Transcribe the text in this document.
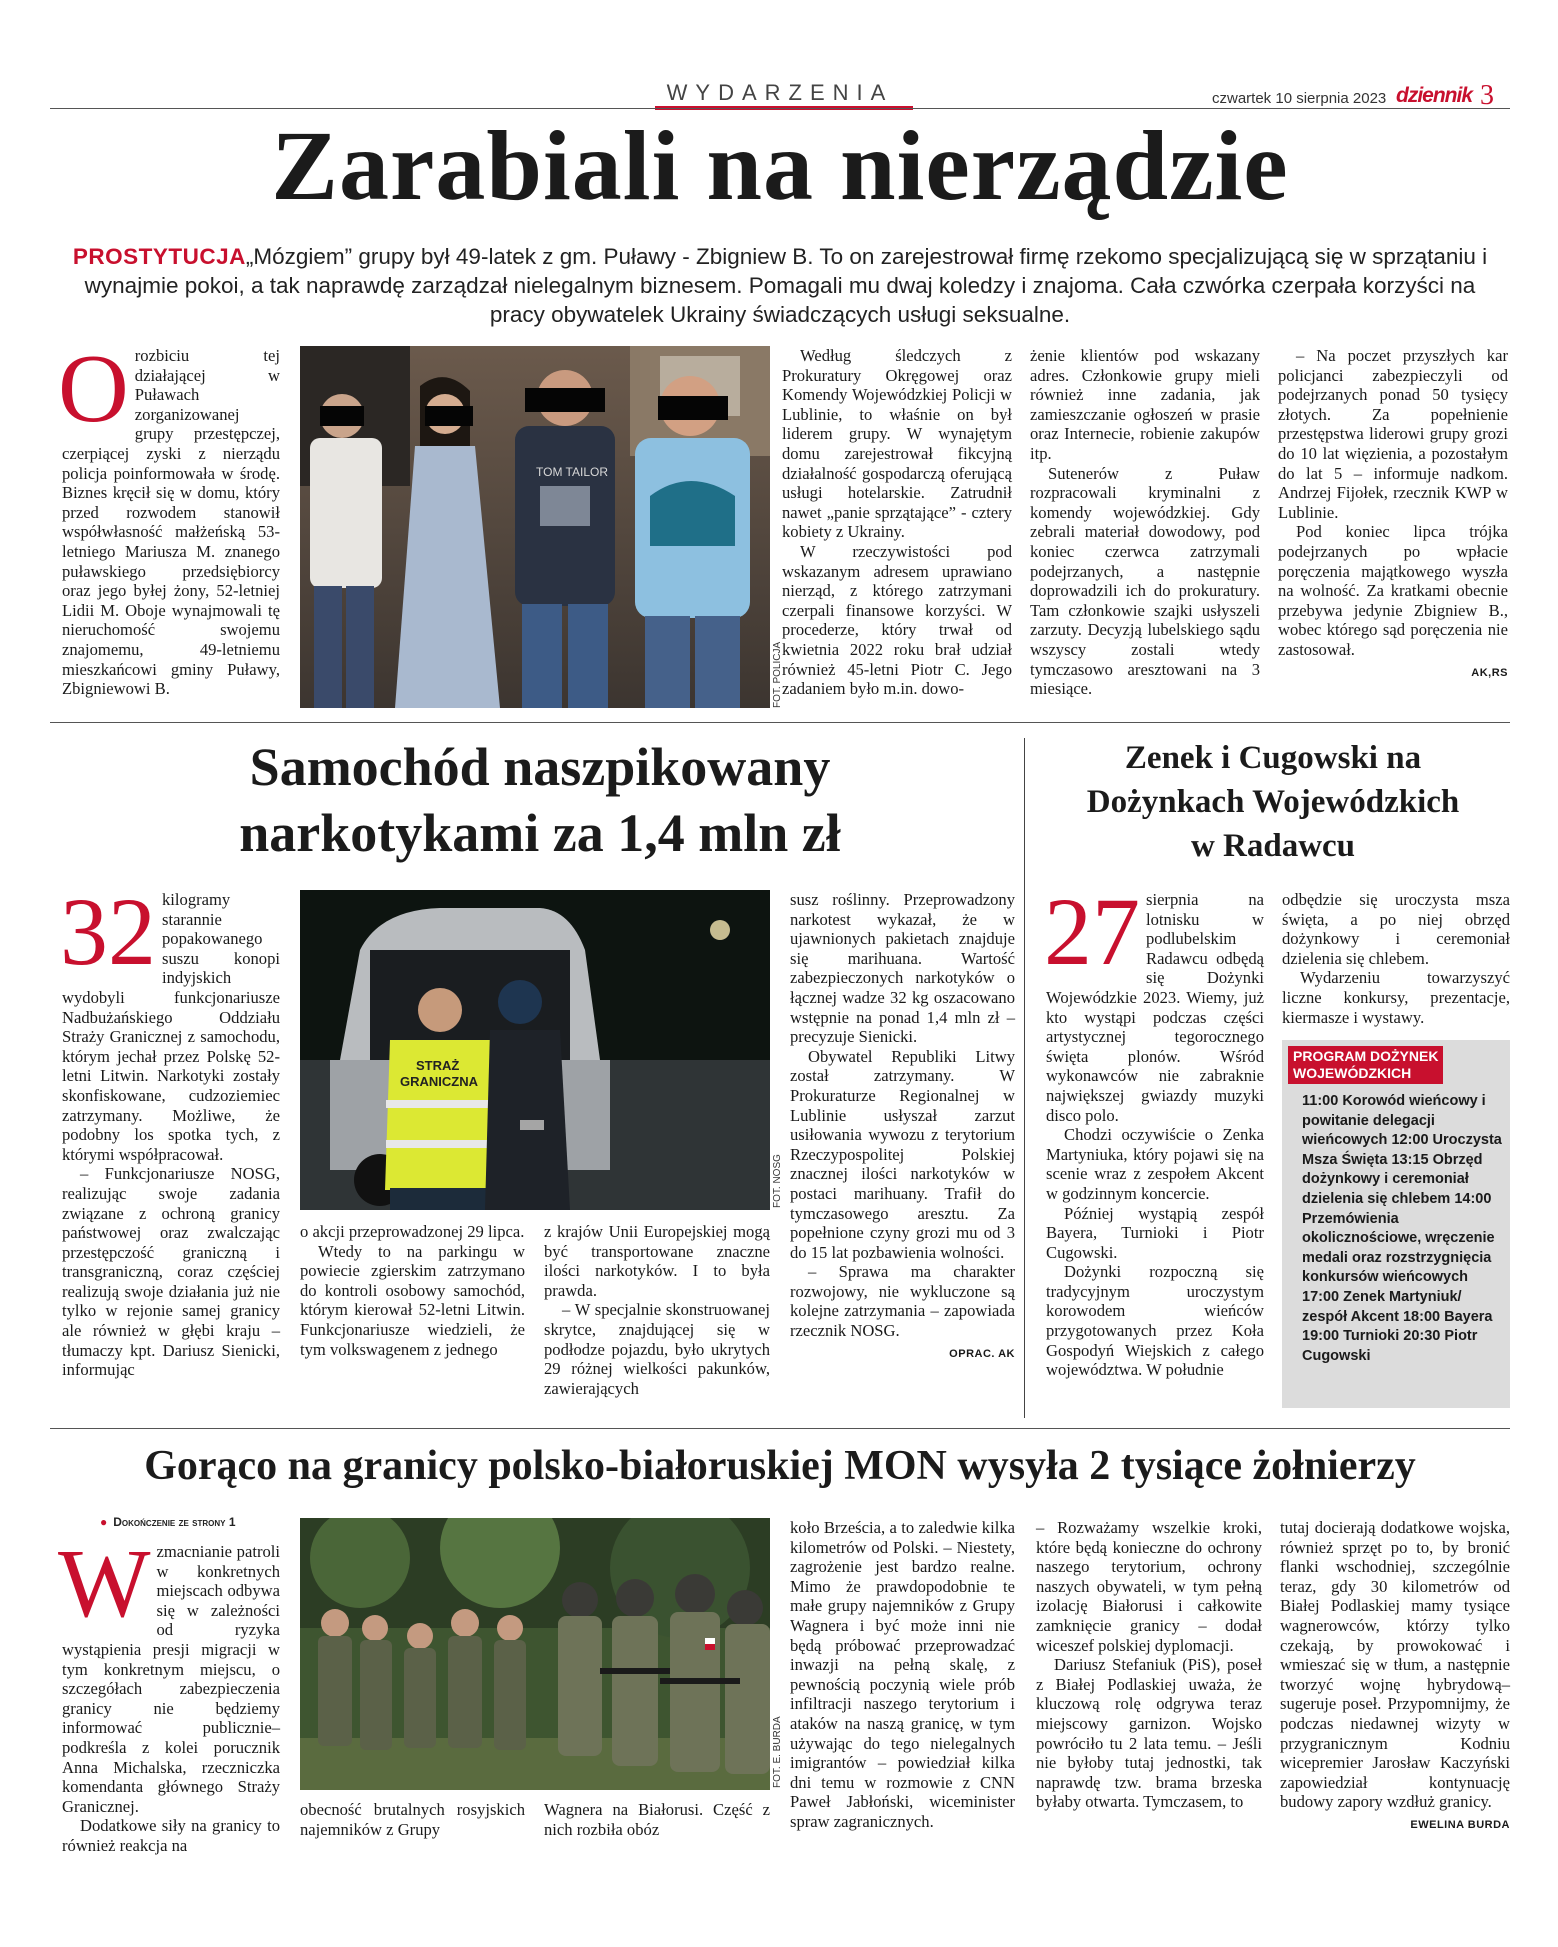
WYDARZENIA	czwartek 10 sierpnia 2023 dziennik 3
Zarabiali na nierządzie
PROSTYTUCJA„Mózgiem” grupy był 49-latek z gm. Puławy - Zbigniew B. To on zarejestrował firmę rzekomo specjalizującą się w sprzątaniu i wynajmie pokoi, a tak naprawdę zarządzał nielegalnym biznesem. Pomagali mu dwaj koledzy i znajoma. Cała czwórka czerpała korzyści na pracy obywatelek Ukrainy świadczących usługi seksualne.

Orozbiciu tej działającej w Puławach zorganizowanej grupy przestępczej, czerpiącej zyski z nierządu policja poinformowała w środę. Biznes kręcił się w domu, który przed rozwodem stanowił współwłasność małżeńską 53-letniego Mariusza M. znanego puławskiego przedsiębiorcy oraz jego byłej żony, 52-letniej Lidii M. Oboje wynajmowali tę nieruchomość swojemu znajomemu, 49-letniemu mieszkańcowi gminy Puławy, Zbigniewowi B.

TOM TAILOR
FOT. POLICJA

Według śledczych z Prokuratury Okręgowej oraz Komendy Wojewódzkiej Policji w Lublinie, to właśnie on był liderem grupy. W wynajętym domu zarejestrował fikcyjną działalność gospodarczą oferującą usługi hotelarskie. Zatrudnił nawet „panie sprzątające” - cztery kobiety z Ukrainy.

W rzeczywistości pod wskazanym adresem uprawiano nierząd, z którego zatrzymani czerpali finansowe korzyści. W procederze, który trwał od kwietnia 2022 roku brał udział również 45-letni Piotr C. Jego zadaniem było m.in. dowo-

żenie klientów pod wskazany adres. Członkowie grupy mieli również inne zadania, jak zamieszczanie ogłoszeń w prasie oraz Internecie, robienie zakupów itp.

Sutenerów z Puław rozpracowali kryminalni z komendy wojewódzkiej. Gdy zebrali materiał dowodowy, pod koniec czerwca zatrzymali podejrzanych, a następnie doprowadzili ich do prokuratury. Tam członkowie szajki usłyszeli zarzuty. Decyzją lubelskiego sądu wszyscy zostali wtedy tymczasowo aresztowani na 3 miesiące.

– Na poczet przyszłych kar policjanci zabezpieczyli od podejrzanych ponad 50 tysięcy złotych. Za popełnienie przestępstwa liderowi grupy grozi do 10 lat więzienia, a pozostałym do lat 5 – informuje nadkom. Andrzej Fijołek, rzecznik KWP w Lublinie.

Pod koniec lipca trójka podejrzanych po wpłacie poręczenia majątkowego wyszła na wolność. Za kratkami obecnie przebywa jedynie Zbigniew B., wobec którego sąd poręczenia nie zastosował.

AK,RS
Samochód naszpikowany
narkotykami za 1,4 mln zł

32 kilogramy starannie popakowanego suszu konopi indyjskich wydobyli funkcjonariusze Nadbużańskiego Oddziału Straży Granicznej z samochodu, którym jechał przez Polskę 52-letni Litwin. Narkotyki zostały skonfiskowane, cudzoziemiec zatrzymany. Możliwe, że podobny los spotka tych, z którymi współpracował.

– Funkcjonariusze NOSG, realizując swoje zadania związane z ochroną granicy państwowej oraz zwalczając przestępczość graniczną i transgraniczną, coraz częściej realizują swoje działania już nie tylko w rejonie samej granicy ale również w głębi kraju – tłumaczy kpt. Dariusz Sienicki, informując

STRAŻ
GRANICZNA
FOT. NOSG

o akcji przeprowadzonej 29 lipca.

Wtedy to na parkingu w powiecie zgierskim zatrzymano do kontroli osobowy samochód, którym kierował 52-letni Litwin. Funkcjonariusze wiedzieli, że tym volkswagenem z jednego

z krajów Unii Europejskiej mogą być transportowane znaczne ilości narkotyków. I to była prawda.

– W specjalnie skonstruowanej skrytce, znajdującej się w podłodze pojazdu, było ukrytych 29 różnej wielkości pakunków, zawierających

susz roślinny. Przeprowadzony narkotest wykazał, że w ujawnionych pakietach znajduje się marihuana. Wartość zabezpieczonych narkotyków o łącznej wadze 32 kg oszacowano wstępnie na ponad 1,4 mln zł – precyzuje Sienicki.

Obywatel Republiki Litwy został zatrzymany. W Prokuraturze Regionalnej w Lublinie usłyszał zarzut usiłowania wywozu z terytorium Rzeczypospolitej Polskiej znacznej ilości narkotyków w postaci marihuany. Trafił do tymczasowego aresztu. Za popełnione czyny grozi mu od 3 do 15 lat pozbawienia wolności.

– Sprawa ma charakter rozwojowy, nie wykluczone są kolejne zatrzymania – zapowiada rzecznik NOSG.

OPRAC. AK
Zenek i Cugowski na
Dożynkach Wojewódzkich
w Radawcu

27 sierpnia na lotnisku w podlubelskim Radawcu odbędą się Dożynki Wojewódzkie 2023. Wiemy, już kto wystąpi podczas części artystycznej tegorocznego święta plonów. Wśród wykonawców nie zabraknie największej gwiazdy muzyki disco polo.

Chodzi oczywiście o Zenka Martyniuka, który pojawi się na scenie wraz z zespołem Akcent w godzinnym koncercie.

Później wystąpią zespół Bayera, Turnioki i Piotr Cugowski.

Dożynki rozpoczną się tradycyjnym uroczystym korowodem wieńców przygotowanych przez Koła Gospodyń Wiejskich z całego województwa. W południe

odbędzie się uroczysta msza święta, a po niej obrzęd dożynkowy i ceremoniał dzielenia się chlebem.

Wydarzeniu towarzyszyć liczne konkursy, prezentacje, kiermasze i wystawy.

PROGRAM DOŻYNEK
WOJEWÓDZKICH
11:00 Korowód wieńcowy i powitanie delegacji wieńcowych 12:00 Uroczysta Msza Święta 13:15 Obrzęd dożynkowy i ceremoniał dzielenia się chlebem 14:00 Przemówienia okolicznościowe, wręczenie medali oraz rozstrzygnięcia konkursów wieńcowych 17:00 Zenek Martyniuk/ zespół Akcent 18:00 Bayera 19:00 Turnioki 20:30 Piotr Cugowski
Gorąco na granicy polsko-białoruskiej MON wysyła 2 tysiące żołnierzy
● Dokończenie ze strony 1

Wzmacnianie patroli w konkretnych miejscach odbywa się w zależności od ryzyka wystąpienia presji migracji w tym konkretnym miejscu, o szczegółach zabezpieczenia granicy nie będziemy informować publicznie– podkreśla z kolei porucznik Anna Michalska, rzeczniczka komendanta głównego Straży Granicznej.

Dodatkowe siły na granicy to również reakcja na

FOT. E. BURDA

obecność brutalnych rosyjskich najemników z Grupy

Wagnera na Białorusi. Część z nich rozbiła obóz

koło Brześcia, a to zaledwie kilka kilometrów od Polski. – Niestety, zagrożenie jest bardzo realne. Mimo że prawdopodobnie te małe grupy najemników z Grupy Wagnera i być może inni nie będą próbować przeprowadzać inwazji na pełną skalę, z pewnością poczynią wiele prób infiltracji naszego terytorium i ataków na naszą granicę, w tym używając do tego nielegalnych imigrantów – powiedział kilka dni temu w rozmowie z CNN Paweł Jabłoński, wiceminister spraw zagranicznych.

– Rozważamy wszelkie kroki, które będą konieczne do ochrony naszego terytorium, ochrony naszych obywateli, w tym pełną izolację Białorusi i całkowite zamknięcie granicy – dodał wiceszef polskiej dyplomacji.

Dariusz Stefaniuk (PiS), poseł z Białej Podlaskiej uważa, że kluczową rolę odgrywa teraz miejscowy garnizon. Wojsko powróciło tu 2 lata temu. – Jeśli nie byłoby tutaj jednostki, tak naprawdę tzw. brama brzeska byłaby otwarta. Tymczasem, to

tutaj docierają dodatkowe wojska, również sprzęt po to, by bronić flanki wschodniej, szczególnie teraz, gdy 30 kilometrów od Białej Podlaskiej mamy tysiące wagnerowców, którzy tylko czekają, by prowokować i wmieszać się w tłum, a następnie tworzyć wojnę hybrydową– sugeruje poseł. Przypomnijmy, że podczas niedawnej wizyty w przygranicznym Kodniu wicepremier Jarosław Kaczyński zapowiedział kontynuację budowy zapory wzdłuż granicy.

EWELINA BURDA
